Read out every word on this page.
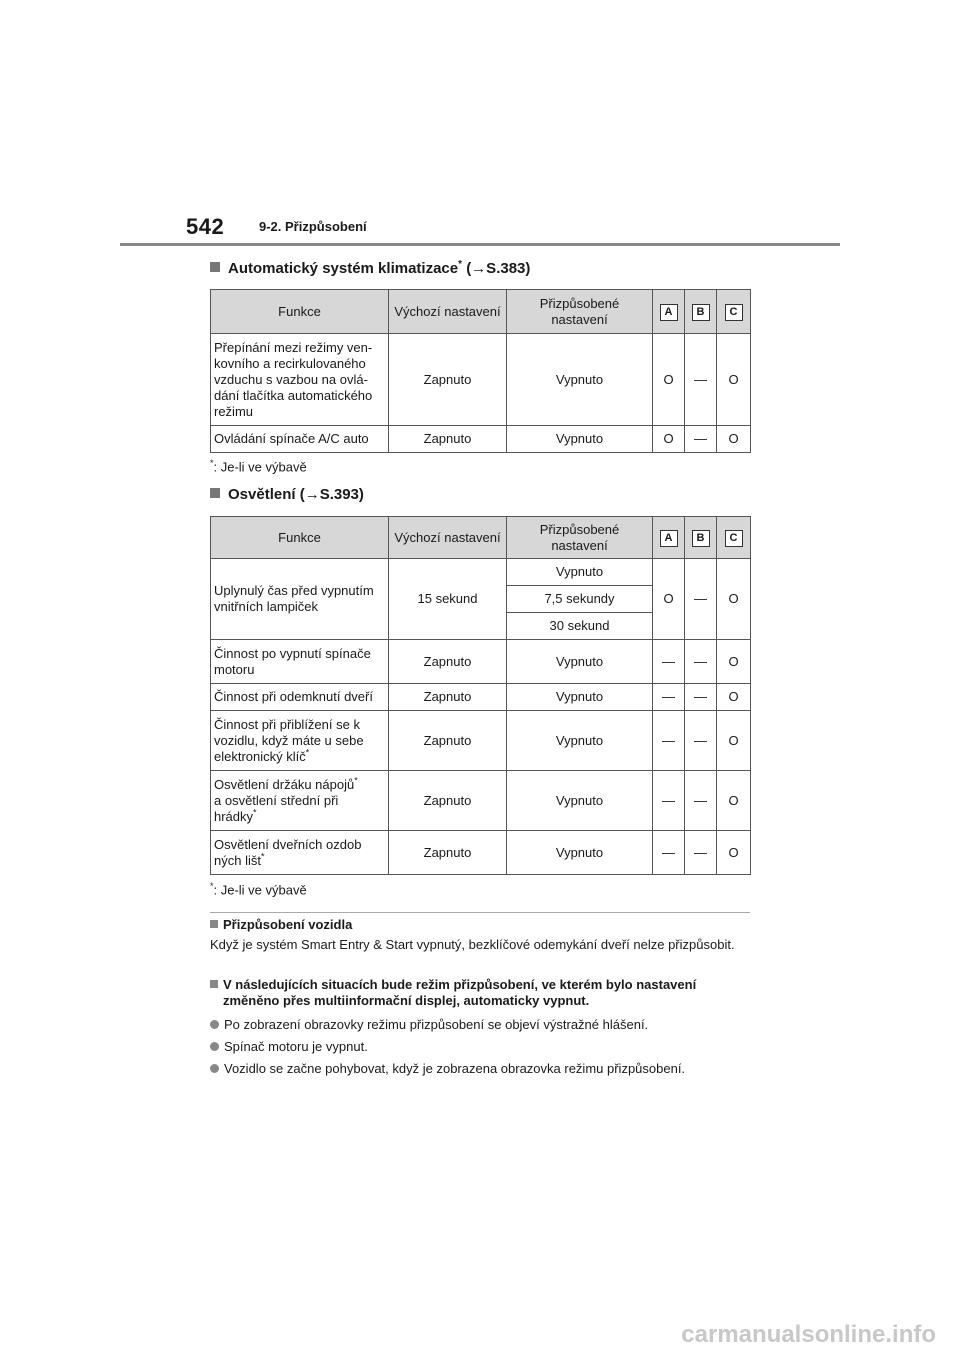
542	9-2. Přizpůsobení
Automatický systém klimatizace* (→S.383)
Funkce	Výchozí nastavení	Přizpůsobené nastavení	A	B	C
Přepínání mezi režimy venkovního a recirkulovaného vzduchu s vazbou na ovládání tlačítka automatického režimu	Zapnuto	Vypnuto	O	—	O
Ovládání spínače A/C auto	Zapnuto	Vypnuto	O	—	O
*: Je-li ve výbavě
Osvětlení (→S.393)
Funkce	Výchozí nastavení	Přizpůsobené nastavení	A	B	C
Uplynulý čas před vypnutím vnitřních lampiček	15 sekund	Vypnuto	O	—	O
		7,5 sekundy			
		30 sekund			
Činnost po vypnutí spínače motoru	Zapnuto	Vypnuto	—	—	O
Činnost při odemknutí dveří	Zapnuto	Vypnuto	—	—	O
Činnost při přiblížení se k vozidlu, když máte u sebe elektronický klíč*	Zapnuto	Vypnuto	—	—	O
Osvětlení držáku nápojů*
a osvětlení střední při
hrádky*	Zapnuto	Vypnuto	—	—	O
Osvětlení dveřních ozdob
ných lišt*	Zapnuto	Vypnuto	—	—	O
*: Je-li ve výbavě
Přizpůsobení vozidla
Když je systém Smart Entry & Start vypnutý, bezklíčové odemykání dveří nelze přizpůsobit.
V následujících situacích bude režim přizpůsobení, ve kterém bylo nastavení
změněno přes multiinformační displej, automaticky vypnut.
Po zobrazení obrazovky režimu přizpůsobení se objeví výstražné hlášení.
Spínač motoru je vypnut.
Vozidlo se začne pohybovat, když je zobrazena obrazovka režimu přizpůsobení.
carmanualsonline.info
